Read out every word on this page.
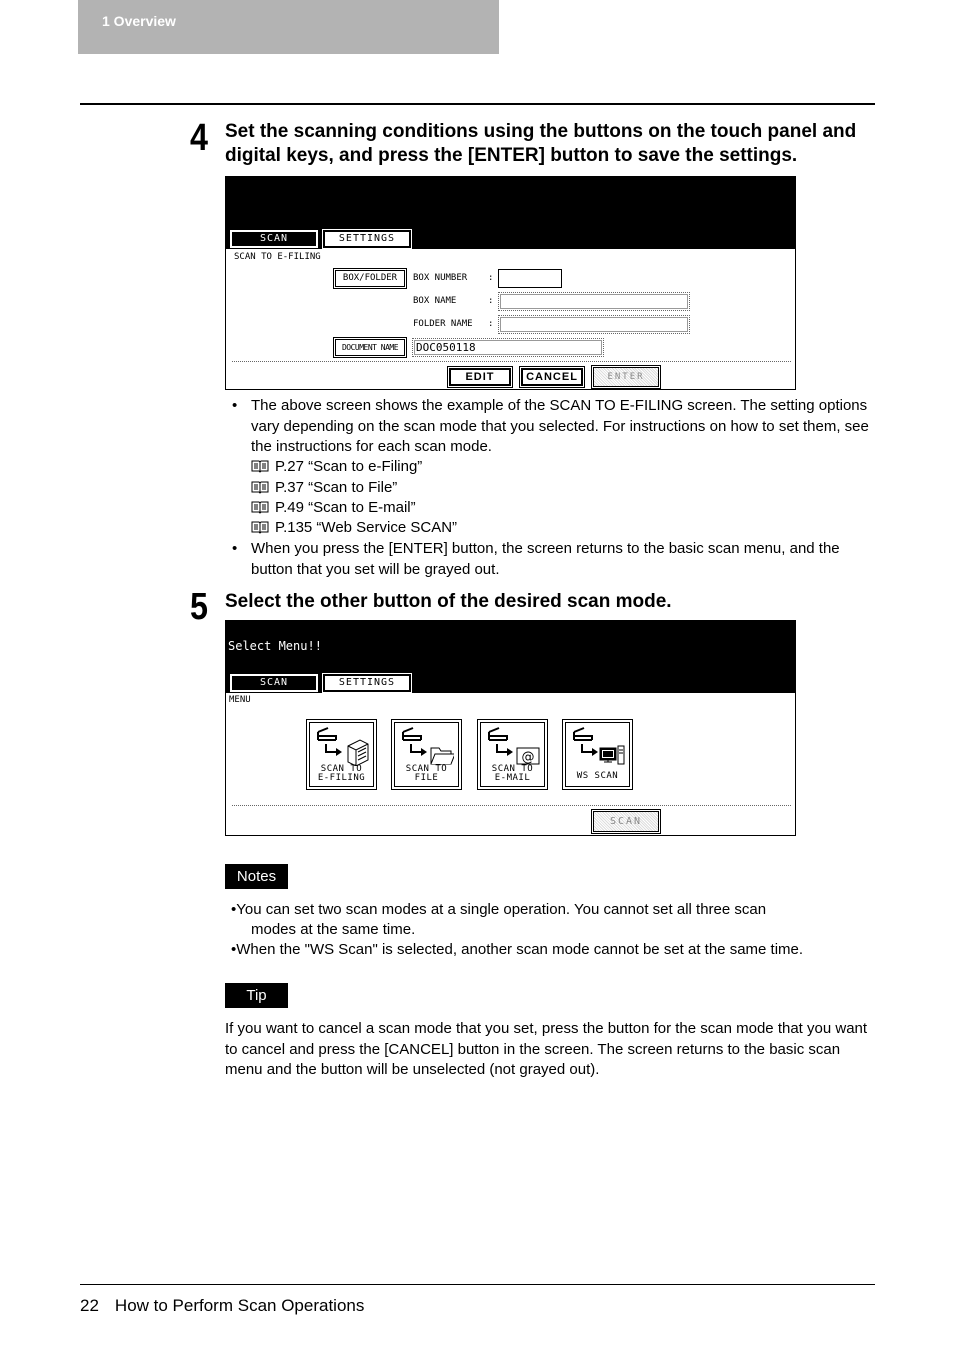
1 Overview
4 Set the scanning conditions using the buttons on the touch panel and digital keys, and press the [ENTER] button to save the settings.
SCAN	SETTINGS
SCAN TO E-FILING
BOX/FOLDER	BOX NUMBER :
BOX NAME	:
FOLDER NAME :
DOCUMENT NAME	DOC050118
EDIT	CANCEL	ENTER
• The above screen shows the example of the SCAN TO E-FILING screen. The setting options vary depending on the scan mode that you selected. For instructions on how to set them, see the instructions for each scan mode.
P.27 “Scan to e-Filing”
P.37 “Scan to File”
P.49 “Scan to E-mail”
P.135 “Web Service SCAN”
• When you press the [ENTER] button, the screen returns to the basic scan menu, and the button that you set will be grayed out.
5 Select the other button of the desired scan mode.
Select Menu!!
SCAN	SETTINGS
MENU
SCAN TO
E-FILING
SCAN TO
FILE
@
SCAN TO
E-MAIL	WS SCAN
SCAN
Notes
•You can set two scan modes at a single operation. You cannot set all three scan
modes at the same time.
•When the "WS Scan" is selected, another scan mode cannot be set at the same time.
Tip
If you want to cancel a scan mode that you set, press the button for the scan mode that you want to cancel and press the [CANCEL] button in the screen. The screen returns to the basic scan menu and the button will be unselected (not grayed out).
22 How to Perform Scan Operations
